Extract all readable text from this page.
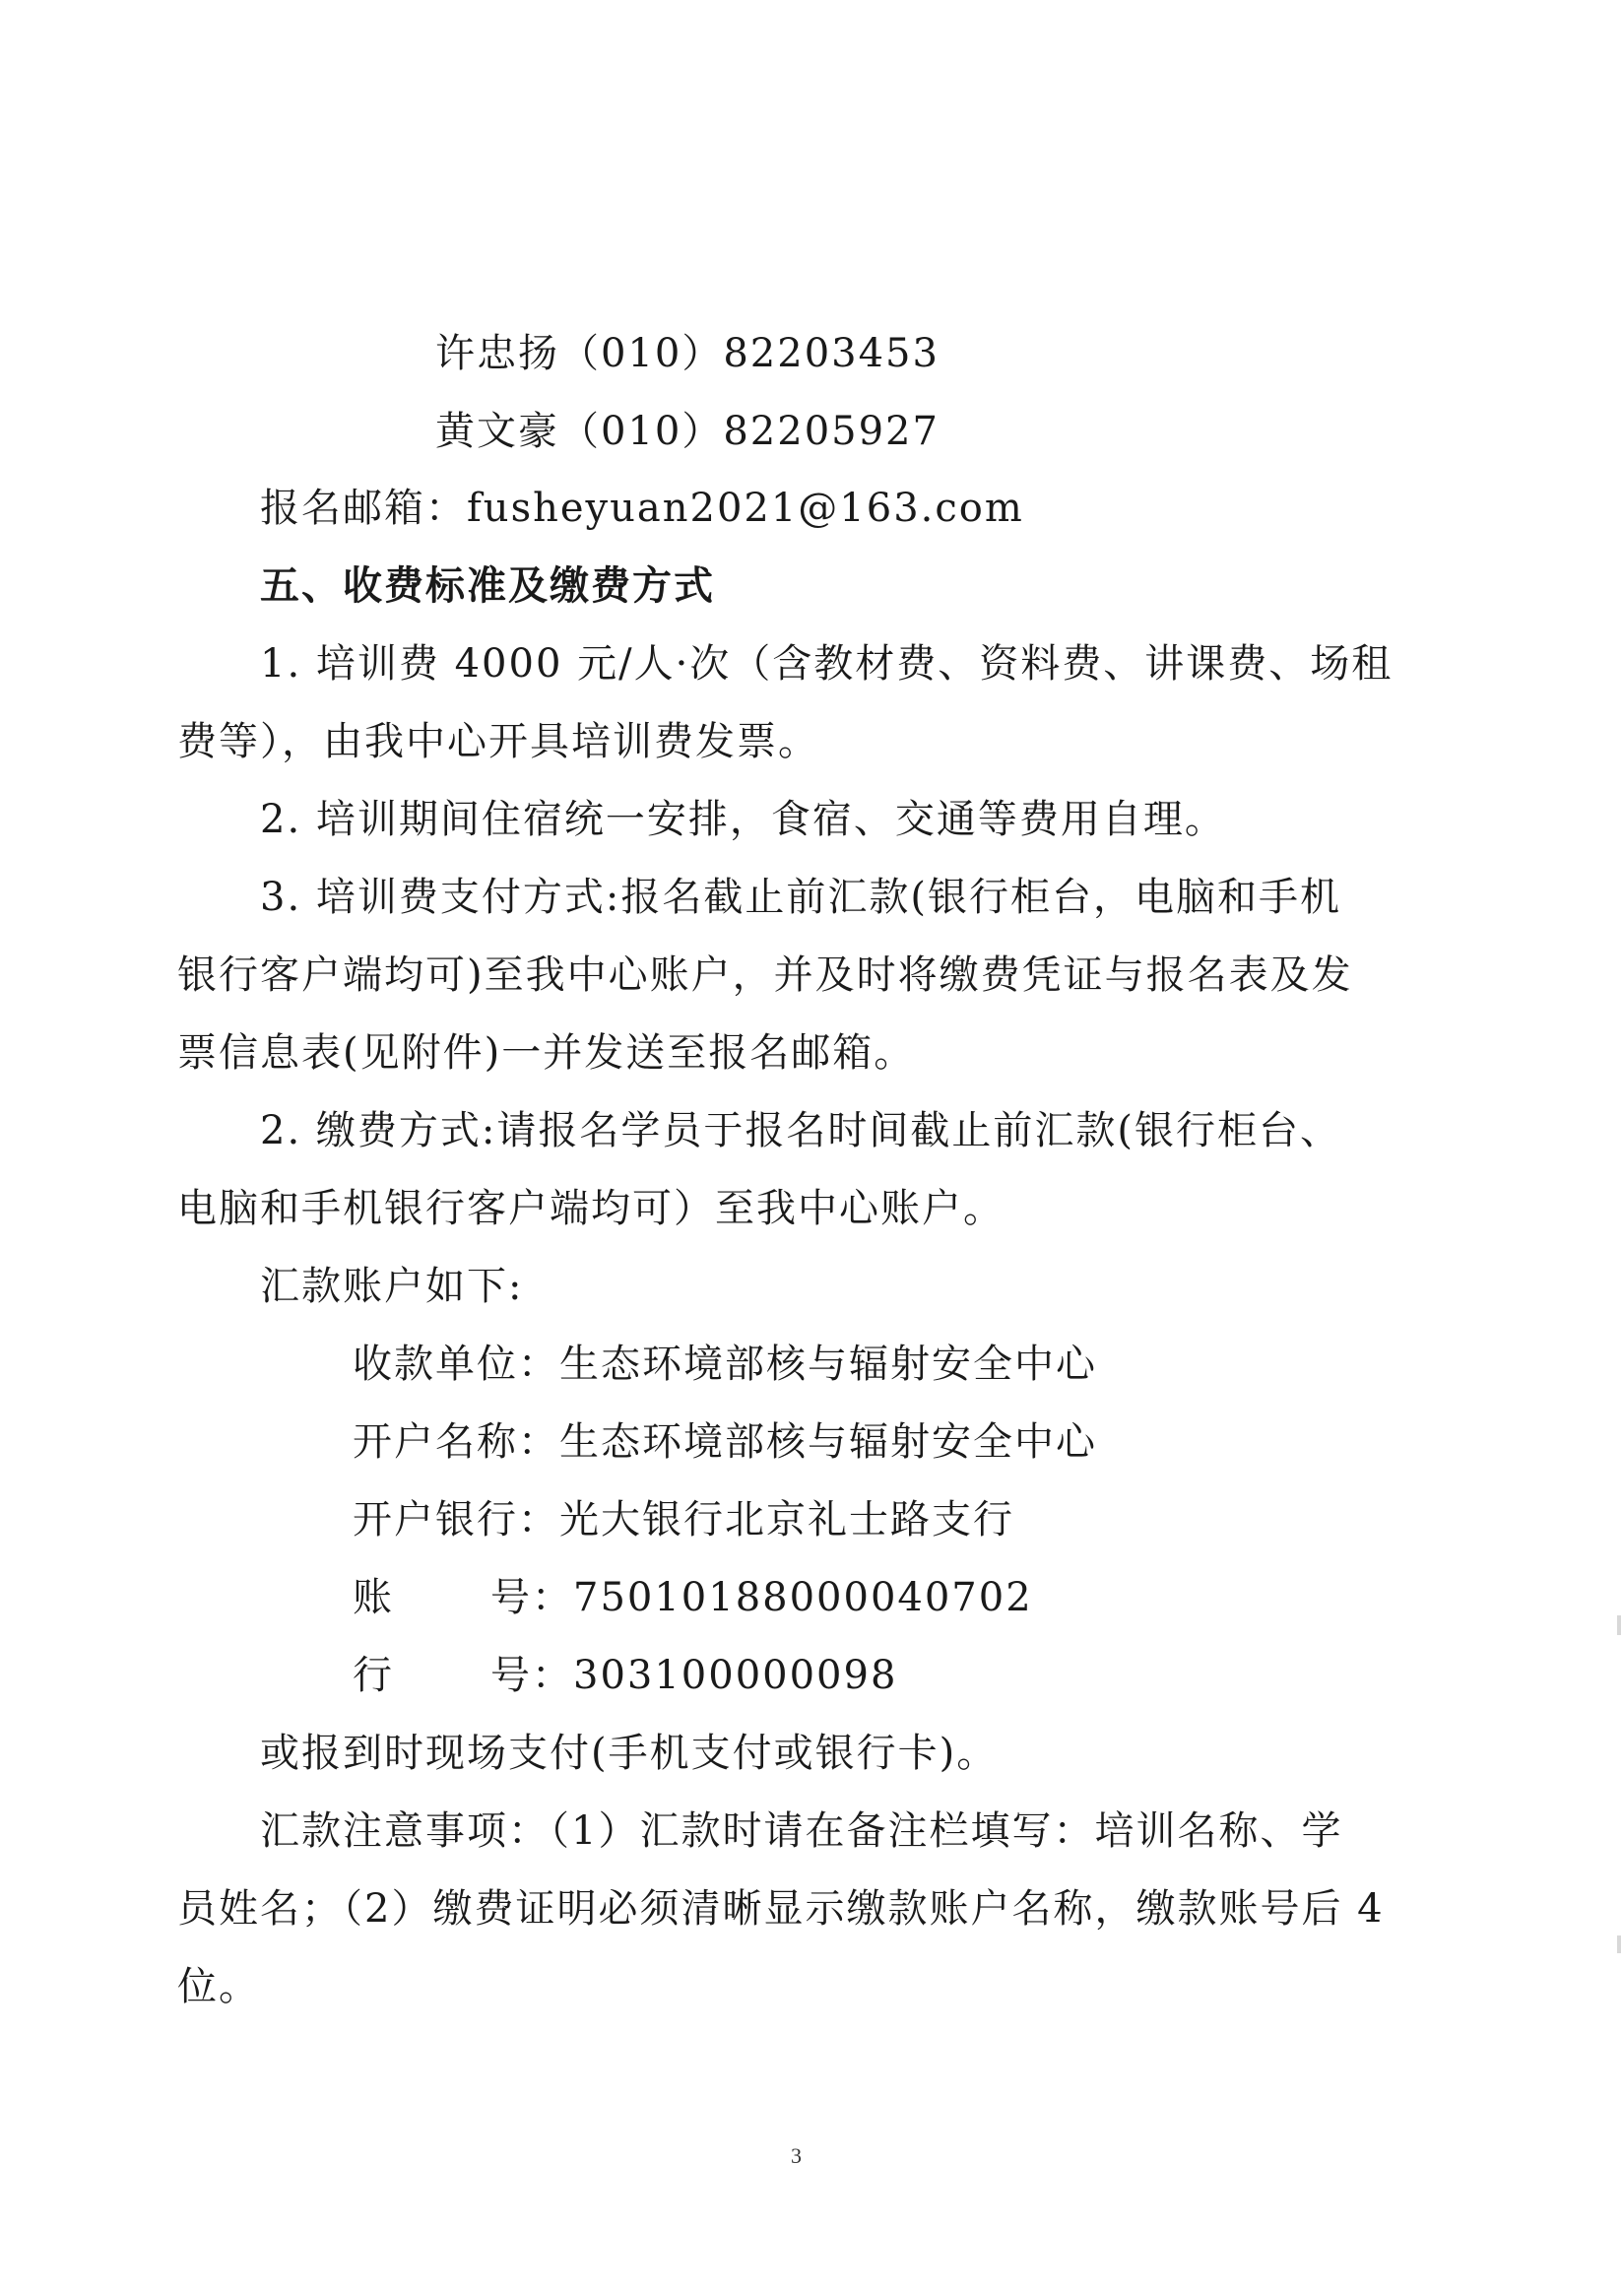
许忠扬（010）82203453
黄文豪（010）82205927
报名邮箱：fusheyuan2021@163.com
五、收费标准及缴费方式
1. 培训费 4000 元/人·次（含教材费、资料费、讲课费、场租
费等），由我中心开具培训费发票。
2. 培训期间住宿统一安排，食宿、交通等费用自理。
3. 培训费支付方式:报名截止前汇款(银行柜台，电脑和手机
银行客户端均可)至我中心账户，并及时将缴费凭证与报名表及发
票信息表(见附件)一并发送至报名邮箱。
2. 缴费方式:请报名学员于报名时间截止前汇款(银行柜台、
电脑和手机银行客户端均可）至我中心账户。
汇款账户如下:
收款单位：生态环境部核与辐射安全中心
开户名称：生态环境部核与辐射安全中心
开户银行：光大银行北京礼士路支行
账 号：75010188000040702
行 号：303100000098
或报到时现场支付(手机支付或银行卡)。
汇款注意事项：（1）汇款时请在备注栏填写：培训名称、学
员姓名；（2）缴费证明必须清晰显示缴款账户名称，缴款账号后 4
位。
3
